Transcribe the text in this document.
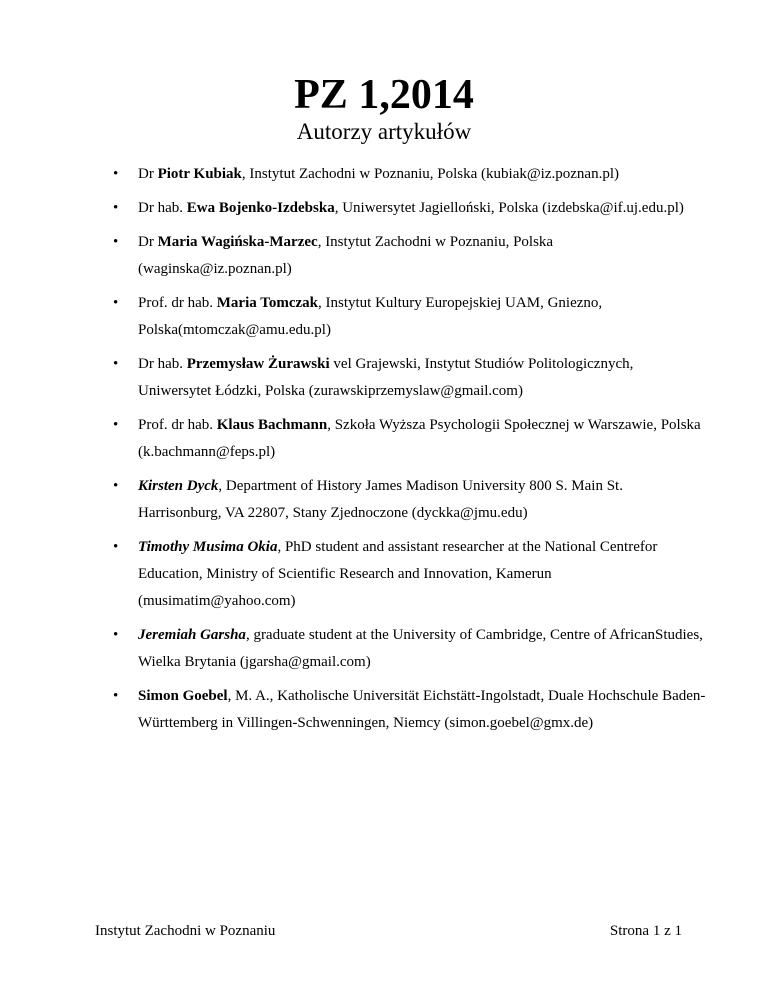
PZ 1,2014
Autorzy artykułów
• Dr Piotr Kubiak, Instytut Zachodni w Poznaniu, Polska (kubiak@iz.poznan.pl)
• Dr hab. Ewa Bojenko-Izdebska, Uniwersytet Jagielloński, Polska (izdebska@if.uj.edu.pl)
• Dr Maria Wagińska-Marzec, Instytut Zachodni w Poznaniu, Polska (waginska@iz.poznan.pl)
• Prof. dr hab. Maria Tomczak, Instytut Kultury Europejskiej UAM, Gniezno, Polska(mtomczak@amu.edu.pl)
• Dr hab. Przemysław Żurawski vel Grajewski, Instytut Studiów Politologicznych, Uniwersytet Łódzki, Polska (zurawskiprzemyslaw@gmail.com)
• Prof. dr hab. Klaus Bachmann, Szkoła Wyższa Psychologii Społecznej w Warszawie, Polska (k.bachmann@feps.pl)
• Kirsten Dyck, Department of History James Madison University 800 S. Main St. Harrisonburg, VA 22807, Stany Zjednoczone (dyckka@jmu.edu)
• Timothy Musima Okia, PhD student and assistant researcher at the National Centrefor Education, Ministry of Scientific Research and Innovation, Kamerun (musimatim@yahoo.com)
• Jeremiah Garsha, graduate student at the University of Cambridge, Centre of AfricanStudies, Wielka Brytania (jgarsha@gmail.com)
• Simon Goebel, M. A., Katholische Universität Eichstätt-Ingolstadt, Duale Hochschule Baden-Württemberg in Villingen-Schwenningen, Niemcy (simon.goebel@gmx.de)
Instytut Zachodni w Poznaniu	Strona 1 z 1
